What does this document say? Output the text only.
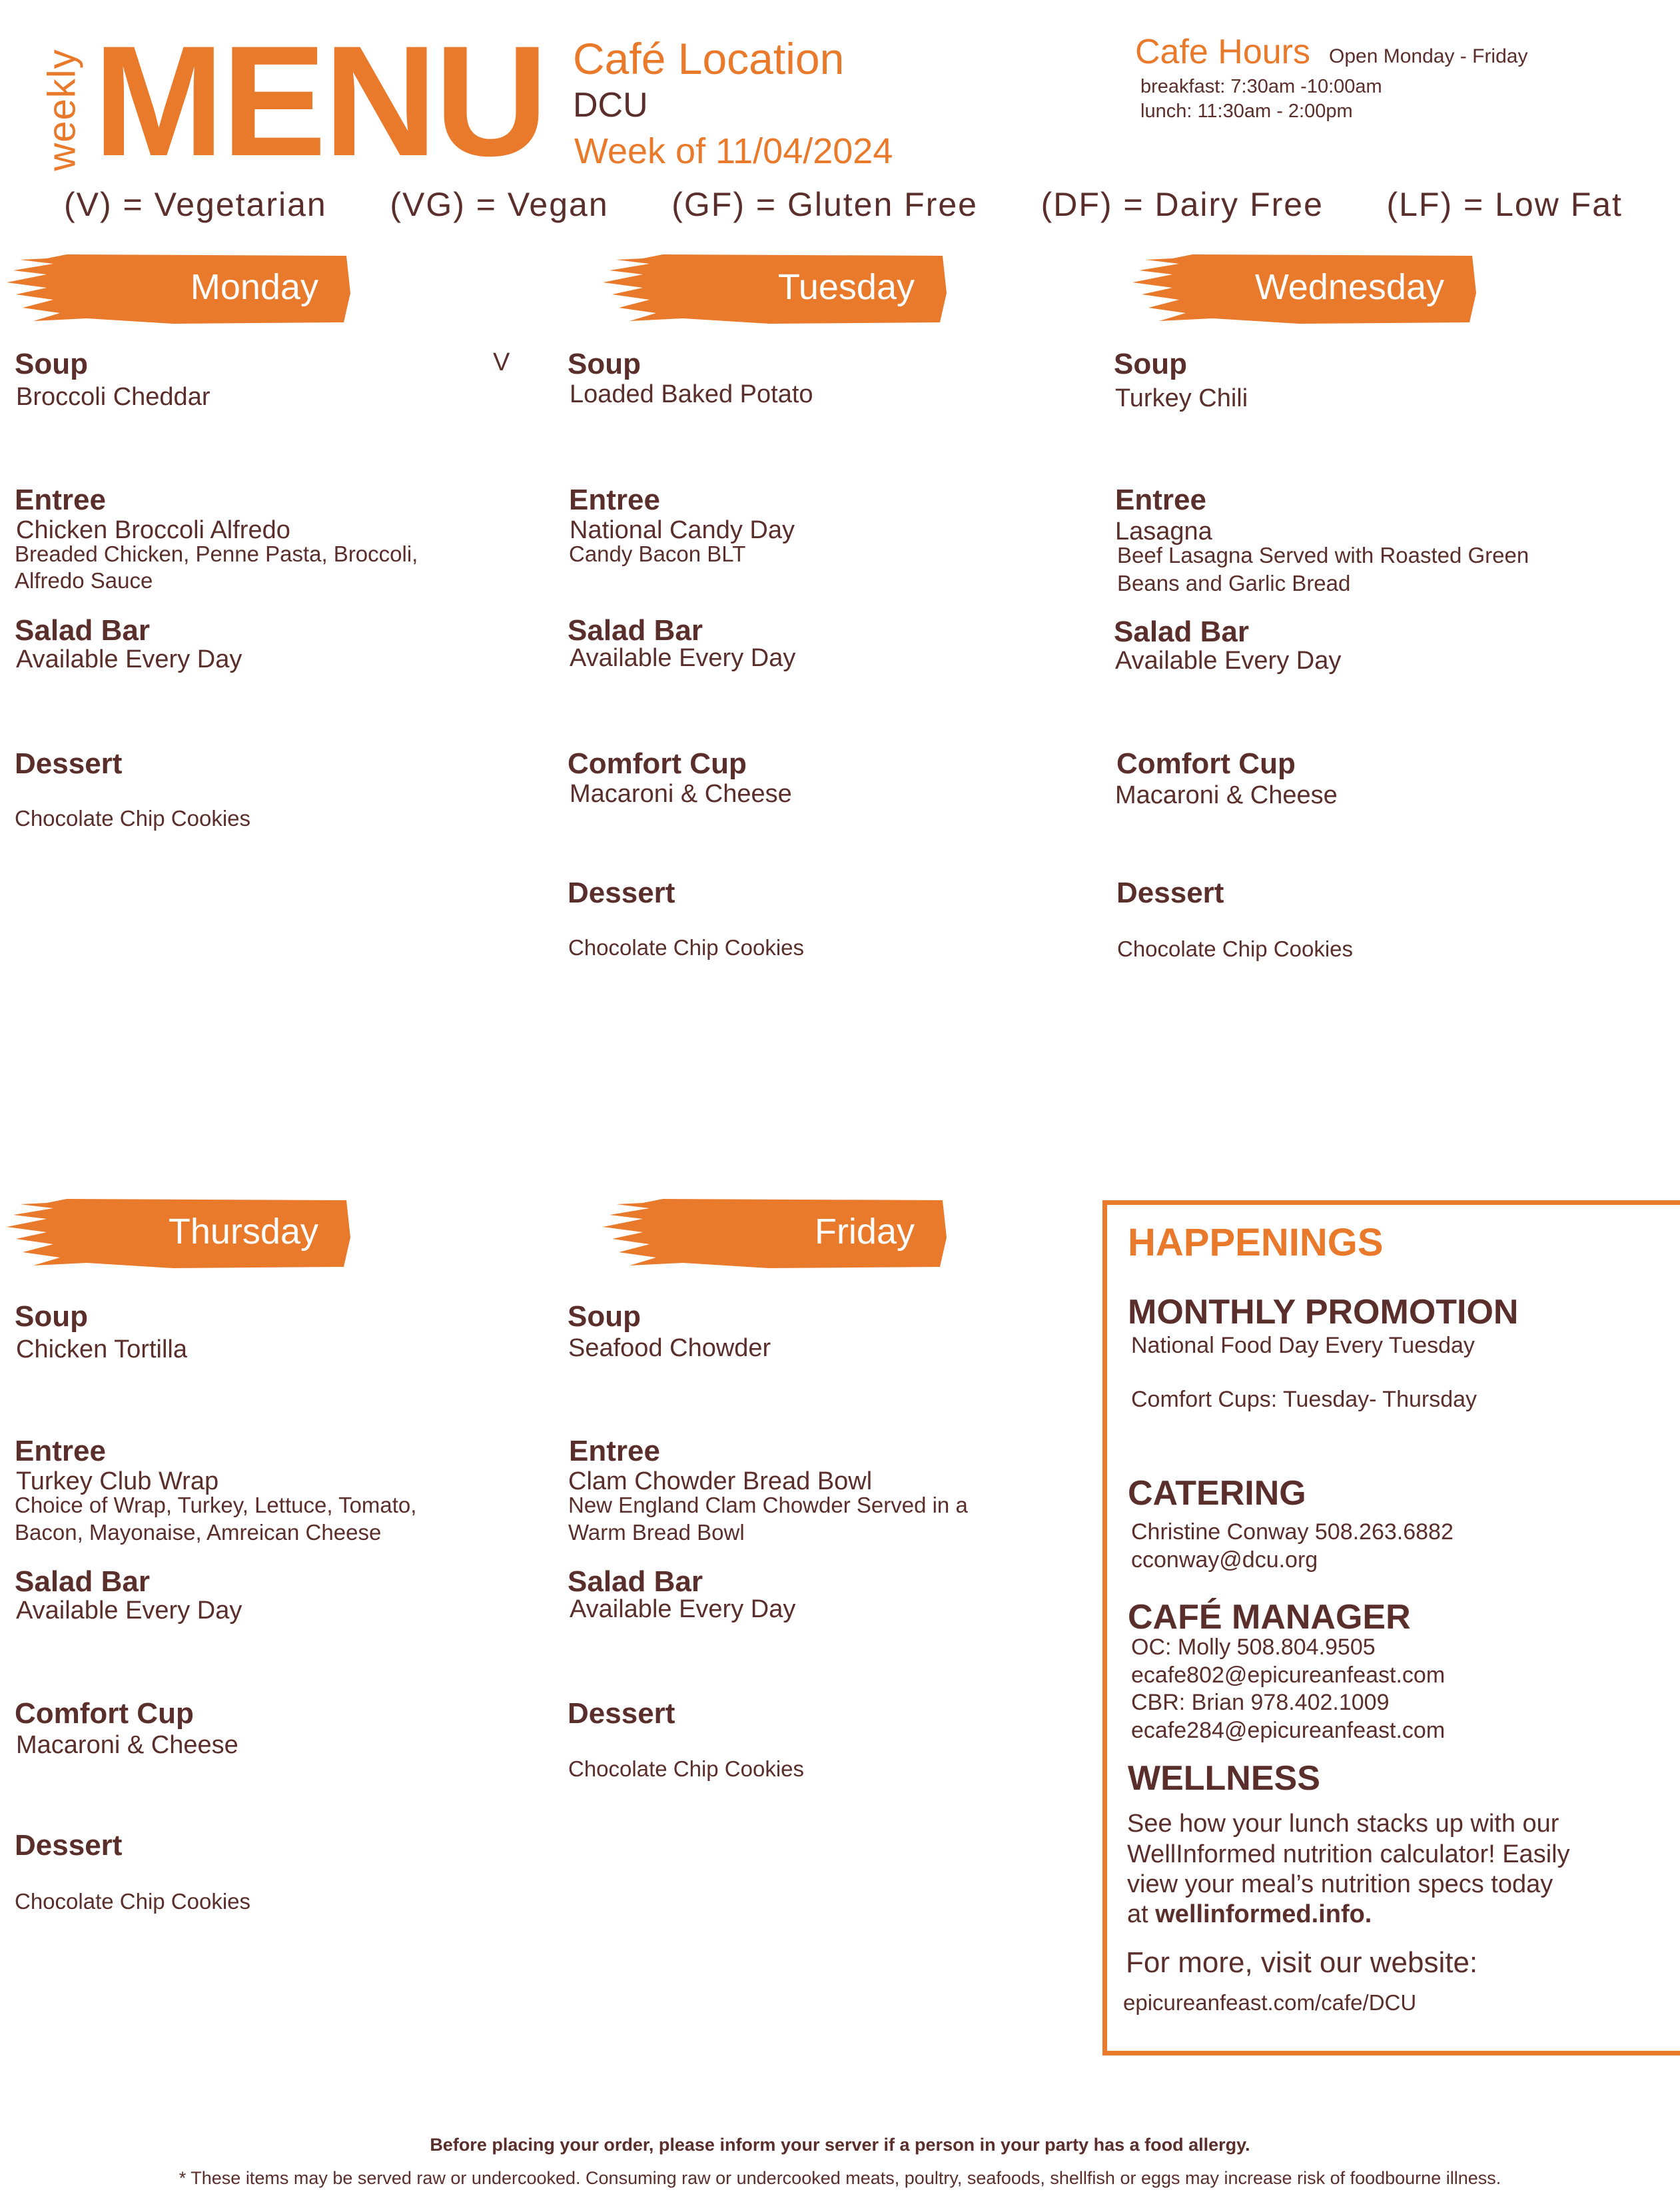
weekly MENU Café Location
DCU
Week of 11/04/2024
Cafe Hours Open Monday - Friday
breakfast: 7:30am -10:00am
lunch: 11:30am - 2:00pm
(V) = Vegetarian (VG) = Vegan (GF) = Gluten Free (DF) = Dairy Free (LF) = Low Fat
Monday	Tuesday	Wednesday
Thursday	Friday
Soup	V
Broccoli Cheddar
Entree
Chicken Broccoli Alfredo
Breaded Chicken, Penne Pasta, Broccoli,
Alfredo Sauce
Salad Bar
Available Every Day
Dessert
Chocolate Chip Cookies
Soup
Loaded Baked Potato
Entree
National Candy Day
Candy Bacon BLT
Salad Bar
Available Every Day
Comfort Cup
Macaroni & Cheese
Dessert
Chocolate Chip Cookies
Soup
Turkey Chili
Entree
Lasagna
Beef Lasagna Served with Roasted Green
Beans and Garlic Bread
Salad Bar
Available Every Day
Comfort Cup
Macaroni & Cheese
Dessert
Chocolate Chip Cookies
Soup
Chicken Tortilla
Entree
Turkey Club Wrap
Choice of Wrap, Turkey, Lettuce, Tomato,
Bacon, Mayonaise, Amreican Cheese
Salad Bar
Available Every Day
Comfort Cup
Macaroni & Cheese
Dessert
Chocolate Chip Cookies
Soup
Seafood Chowder
Entree
Clam Chowder Bread Bowl
New England Clam Chowder Served in a
Warm Bread Bowl
Salad Bar
Available Every Day
Dessert
Chocolate Chip Cookies
HAPPENINGS
MONTHLY PROMOTION
National Food Day Every Tuesday
Comfort Cups: Tuesday- Thursday
CATERING
Christine Conway 508.263.6882
cconway@dcu.org
CAFÉ MANAGER
OC: Molly 508.804.9505
ecafe802@epicureanfeast.com
CBR: Brian 978.402.1009
ecafe284@epicureanfeast.com
WELLNESS
See how your lunch stacks up with our
WellInformed nutrition calculator! Easily
view your meal’s nutrition specs today
at wellinformed.info.
For more, visit our website:
epicureanfeast.com/cafe/DCU
Before placing your order, please inform your server if a person in your party has a food allergy.
* These items may be served raw or undercooked. Consuming raw or undercooked meats, poultry, seafoods, shellfish or eggs may increase risk of foodbourne illness.
